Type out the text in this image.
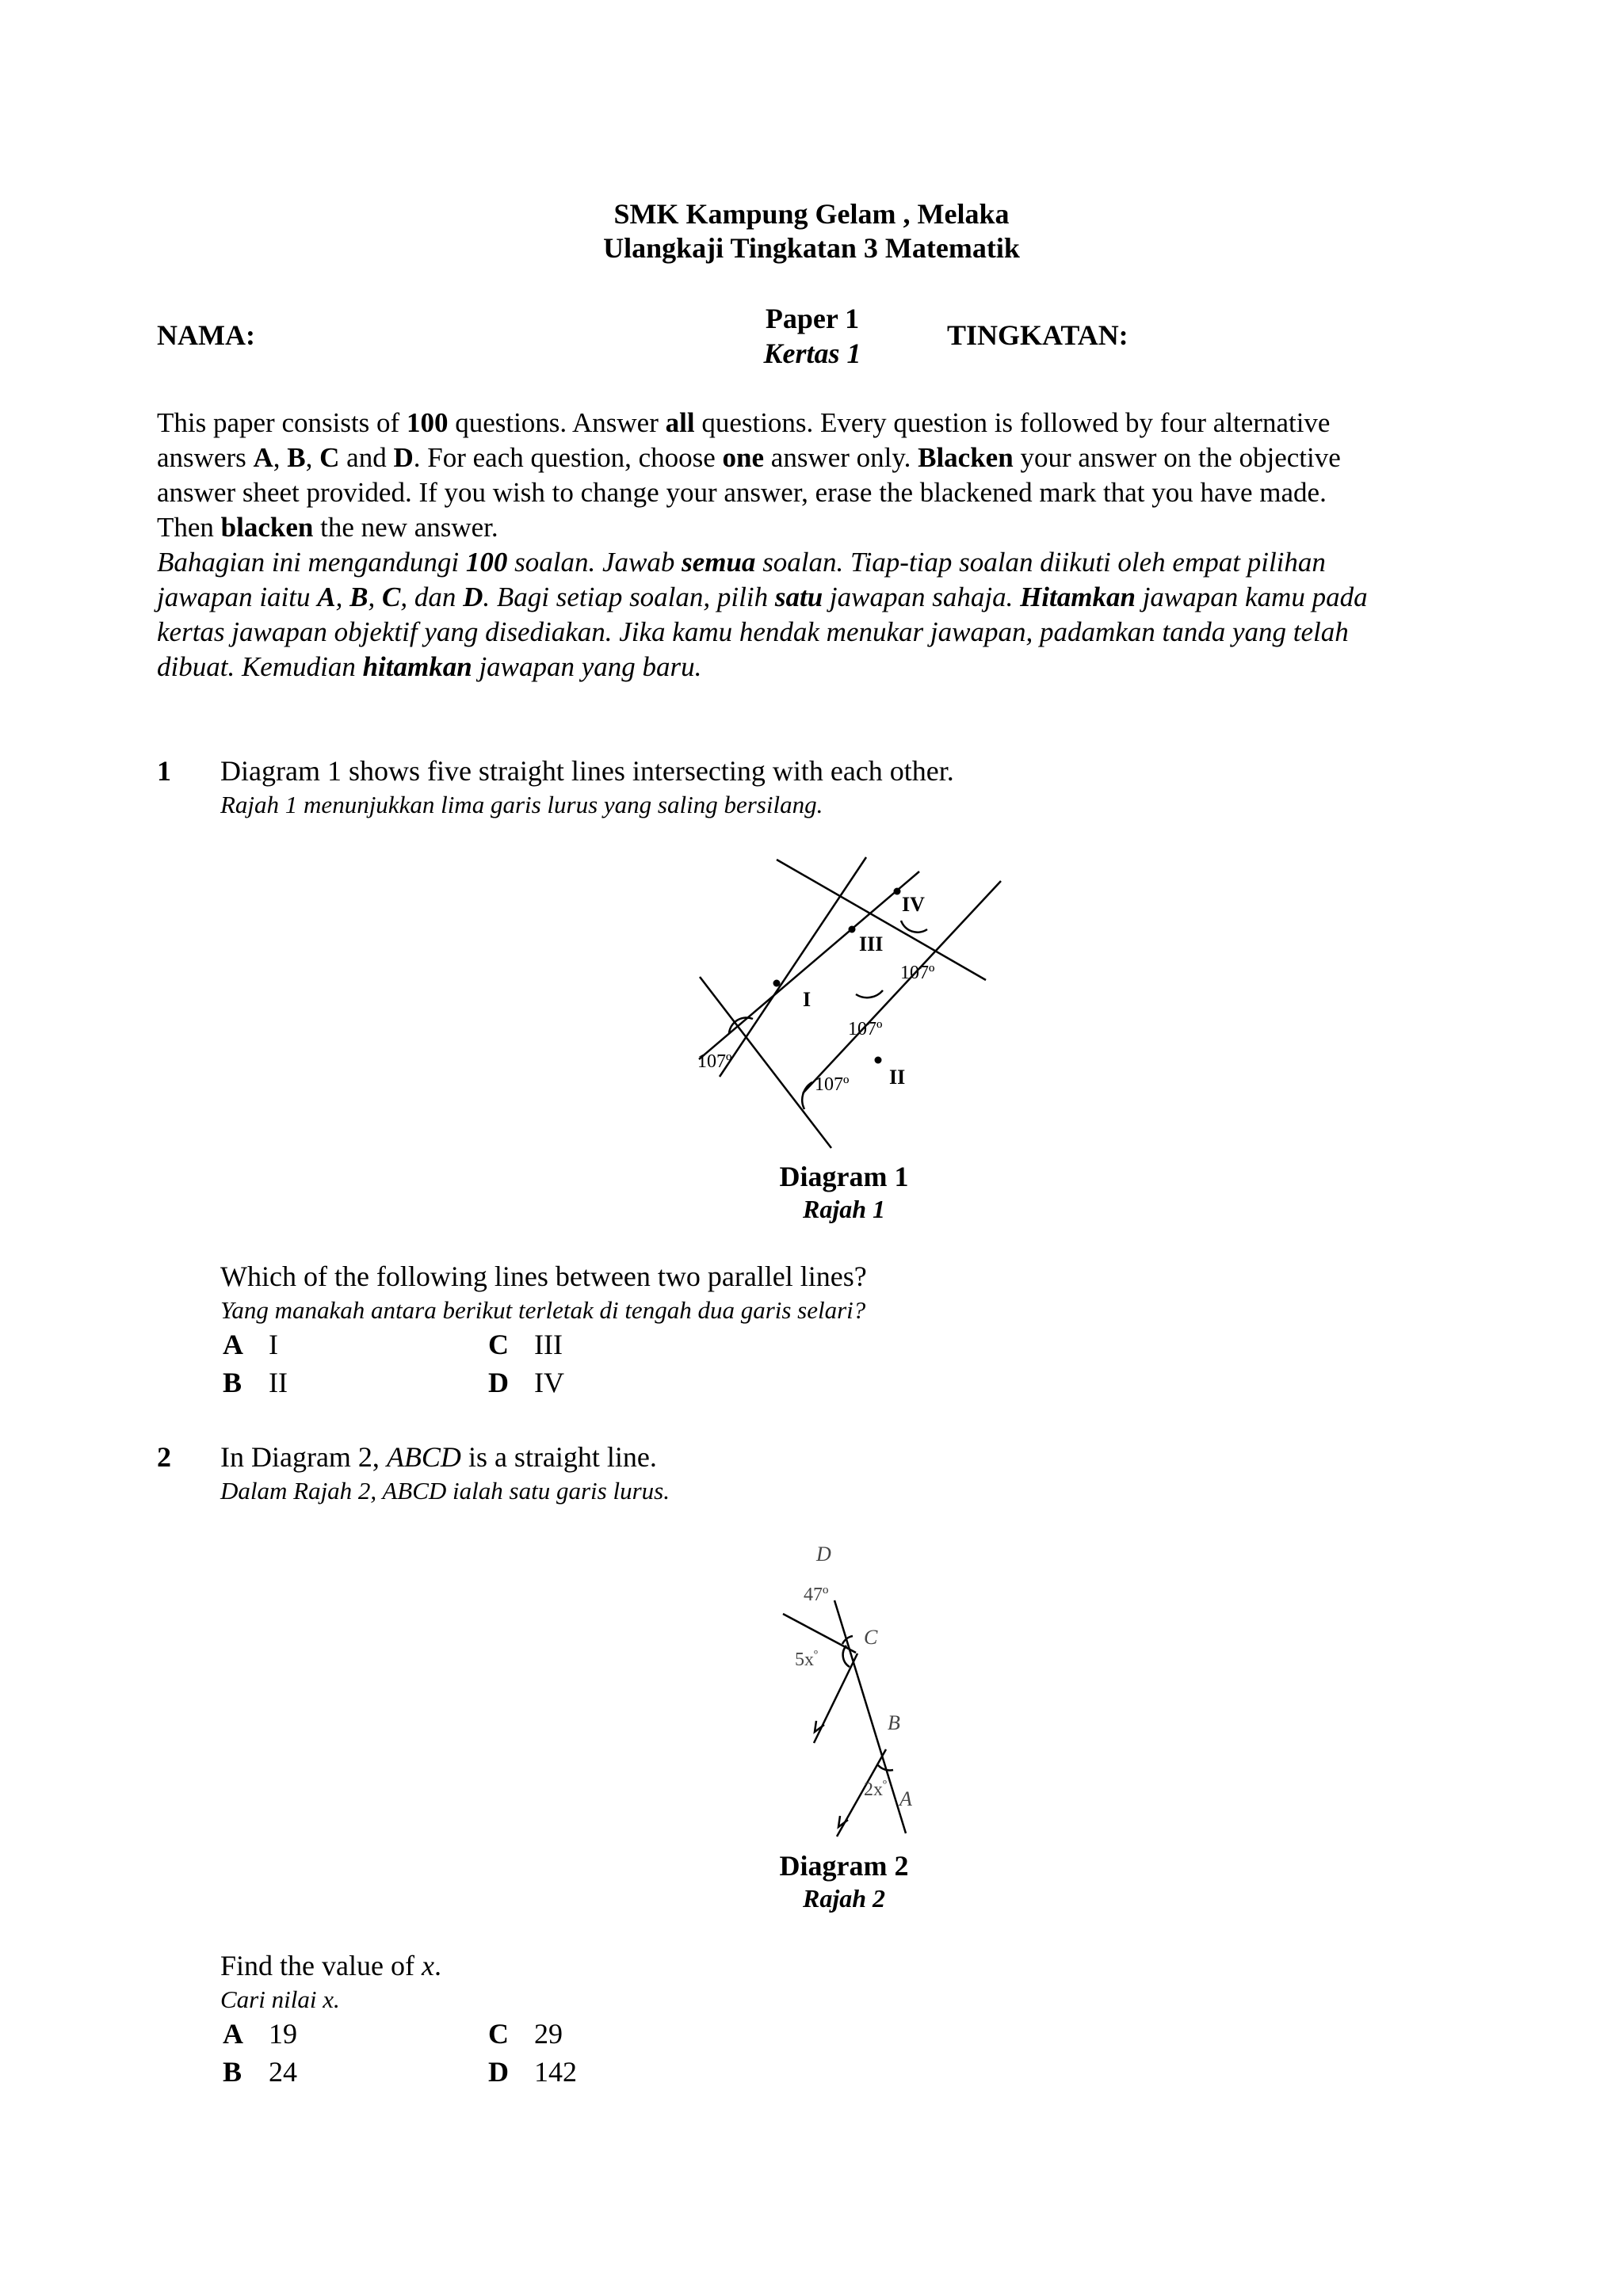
SMK Kampung Gelam , Melaka
Ulangkaji Tingkatan 3 Matematik
NAMA:
Paper 1
Kertas 1
TINGKATAN:
This paper consists of 100 questions. Answer all questions. Every question is followed by four alternative
answers A, B, C and D. For each question, choose one answer only. Blacken your answer on the objective
answer sheet provided. If you wish to change your answer, erase the blackened mark that you have made.
Then blacken the new answer.
Bahagian ini mengandungi 100 soalan. Jawab semua soalan. Tiap-tiap soalan diikuti oleh empat pilihan
jawapan iaitu A, B, C, dan D. Bagi setiap soalan, pilih satu jawapan sahaja. Hitamkan jawapan kamu pada
kertas jawapan objektif yang disediakan. Jika kamu hendak menukar jawapan, padamkan tanda yang telah
dibuat. Kemudian hitamkan jawapan yang baru.
1 Diagram 1 shows five straight lines intersecting with each other.
Rajah 1 menunjukkan lima garis lurus yang saling bersilang.
I
II
III
IV
107º
107º
107º
107º
Diagram 1
Rajah 1
Which of the following lines between two parallel lines?
Yang manakah antara berikut terletak di tengah dua garis selari?
A I	C III
B II	D IV
2 In Diagram 2, ABCD is a straight line.
Dalam Rajah 2, ABCD ialah satu garis lurus.
D
C
B
A
47º
$5x^º$
$2x^º$
Diagram 2
Rajah 2
Find the value of x.
Cari nilai x.
A 19	C 29
B 24	D 142
